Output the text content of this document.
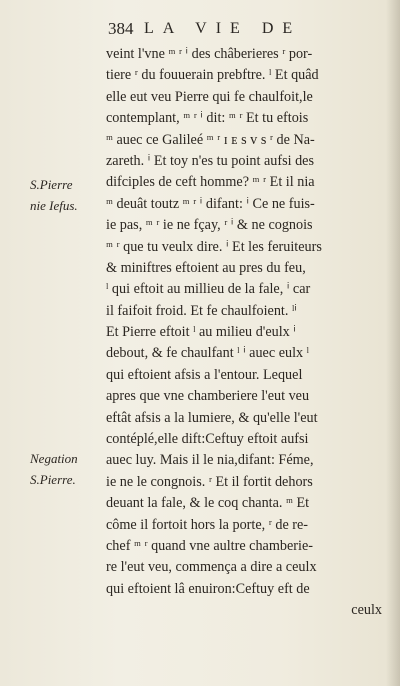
384 LA VIE DE
S.Pierre
nie Iefus.
Negation
S.Pierre.
veint l'vne ᵐ ʳ ⁱ des châberieres ʳ por-
tiere ʳ du fouuerain prebftre. ˡ Et quâd
elle eut veu Pierre qui fe chaulfoit,le
contemplant, ᵐ ʳ ⁱ dit: ᵐ ʳ Et tu eftois
ᵐ auec ce Galileé ᵐ ʳ ɪ ᴇ s ᴠ s ʳ de Na-
zareth. ⁱ Et toy n'es tu point aufsi des
difciples de ceft homme? ᵐ ʳ Et il nia
ᵐ deuât toutz ᵐ ʳ ⁱ difant: ⁱ Ce ne fuis-
ie pas, ᵐ ʳ ie ne fçay, ʳ ⁱ & ne cognois
ᵐ ʳ que tu veulx dire. ⁱ Et les feruiteurs
& miniftres eftoient au pres du feu,
ˡ qui eftoit au millieu de la fale, ⁱ car
il faifoit froid. Et fe chaulfoient. ˡⁱ
Et Pierre eftoit ˡ au milieu d'eulx ⁱ
debout, & fe chaulfant ˡ ⁱ auec eulx ˡ
qui eftoient afsis a l'entour. Lequel
apres que vne chamberiere l'eut veu
eftât afsis a la lumiere, & qu'elle l'eut
contéplé,elle dift:Ceftuy eftoit aufsi
auec luy. Mais il le nia,difant: Féme,
ie ne le congnois. ʳ Et il fortit dehors
deuant la fale, & le coq chanta. ᵐ Et
côme il fortoit hors la porte, ʳ de re-
chef ᵐ ʳ quand vne aultre chamberie-
re l'eut veu, commença a dire a ceulx
qui eftoient lâ enuiron:Ceftuy eft de
ceulx
